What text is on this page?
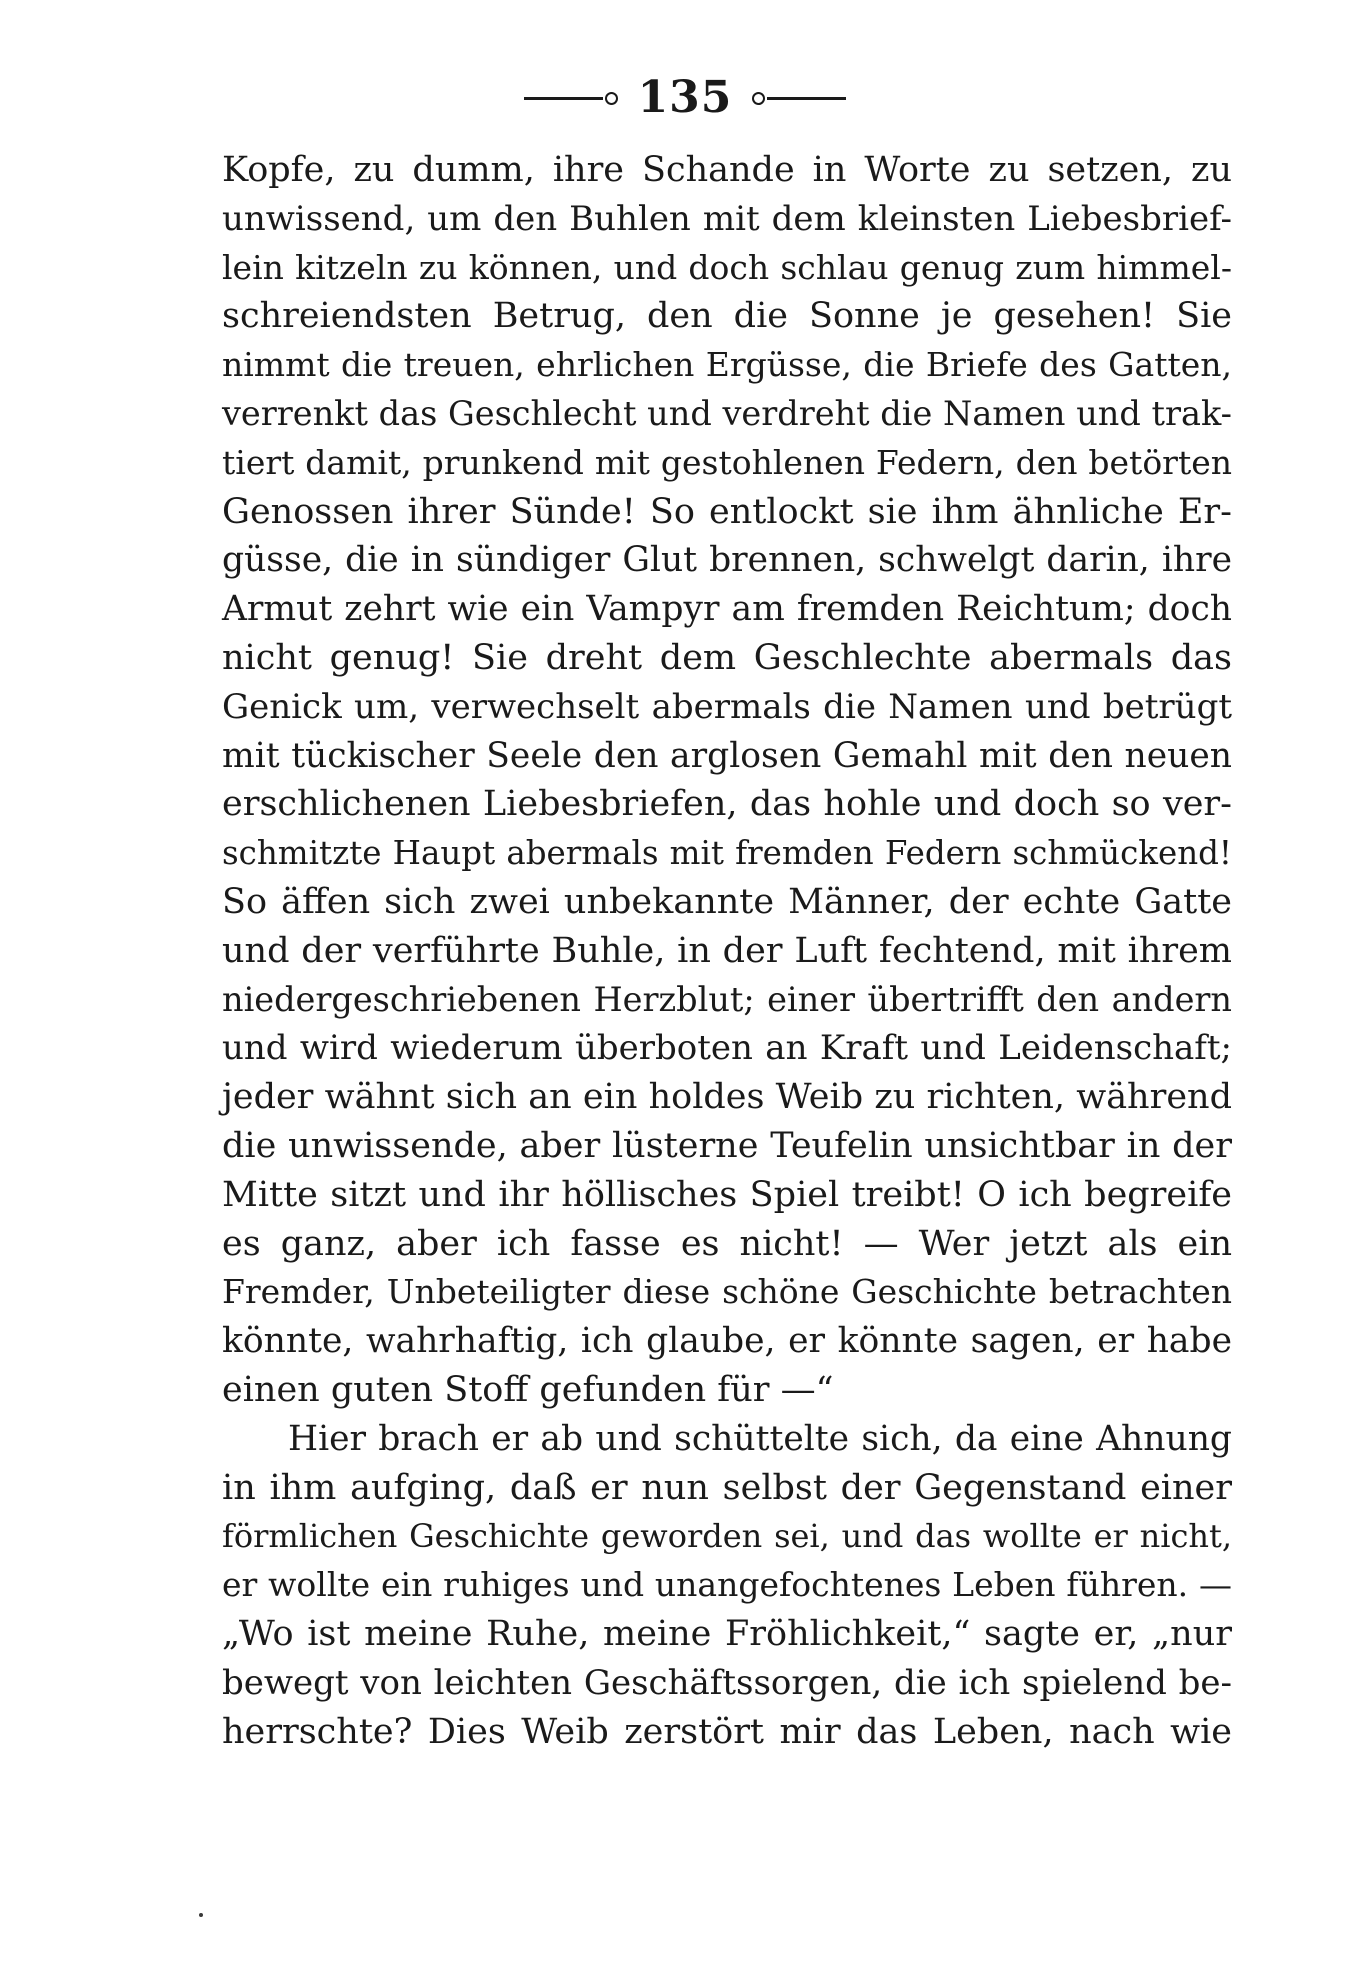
135
Kopfe, zu dumm, ihre Schande in Worte zu setzen, zu
unwissend, um den Buhlen mit dem kleinsten Liebesbrief-
lein kitzeln zu können, und doch schlau genug zum himmel-
schreiendsten Betrug, den die Sonne je gesehen! Sie
nimmt die treuen, ehrlichen Ergüsse, die Briefe des Gatten,
verrenkt das Geschlecht und verdreht die Namen und trak-
tiert damit, prunkend mit gestohlenen Federn, den betörten
Genossen ihrer Sünde! So entlockt sie ihm ähnliche Er-
güsse, die in sündiger Glut brennen, schwelgt darin, ihre
Armut zehrt wie ein Vampyr am fremden Reichtum; doch
nicht genug! Sie dreht dem Geschlechte abermals das
Genick um, verwechselt abermals die Namen und betrügt
mit tückischer Seele den arglosen Gemahl mit den neuen
erschlichenen Liebesbriefen, das hohle und doch so ver-
schmitzte Haupt abermals mit fremden Federn schmückend!
So äffen sich zwei unbekannte Männer, der echte Gatte
und der verführte Buhle, in der Luft fechtend, mit ihrem
niedergeschriebenen Herzblut; einer übertrifft den andern
und wird wiederum überboten an Kraft und Leidenschaft;
jeder wähnt sich an ein holdes Weib zu richten, während
die unwissende, aber lüsterne Teufelin unsichtbar in der
Mitte sitzt und ihr höllisches Spiel treibt! O ich begreife
es ganz, aber ich fasse es nicht! — Wer jetzt als ein
Fremder, Unbeteiligter diese schöne Geschichte betrachten
könnte, wahrhaftig, ich glaube, er könnte sagen, er habe
einen guten Stoff gefunden für —“
Hier brach er ab und schüttelte sich, da eine Ahnung
in ihm aufging, daß er nun selbst der Gegenstand einer
förmlichen Geschichte geworden sei, und das wollte er nicht,
er wollte ein ruhiges und unangefochtenes Leben führen. —
„Wo ist meine Ruhe, meine Fröhlichkeit,“ sagte er, „nur
bewegt von leichten Geschäftssorgen, die ich spielend be-
herrschte? Dies Weib zerstört mir das Leben, nach wie
